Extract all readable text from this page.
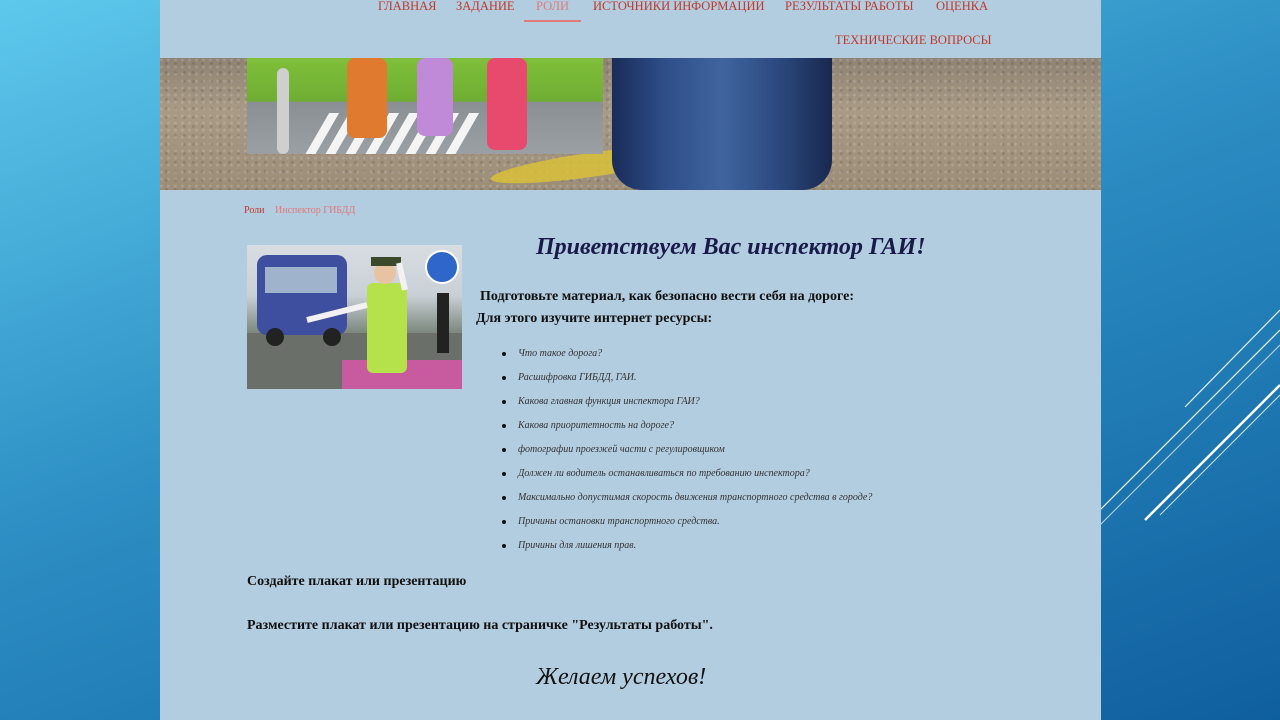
ГЛАВНАЯ ЗАДАНИЕ	РОЛИ	ИСТОЧНИКИ ИНФОРМАЦИИ РЕЗУЛЬТАТЫ РАБОТЫ ОЦЕНКА
ТЕХНИЧЕСКИЕ ВОПРОСЫ
Роли Инспектор ГИБДД
Приветствуем Вас инспектор ГАИ!
Подготовьте материал, как безопасно вести себя на дороге:
Для этого изучите интернет ресурсы:
Что такое дорога?
Расшифровка ГИБДД, ГАИ.
Какова главная функция инспектора ГАИ?
Какова приоритетность на дороге?
фотографии проезжей части с регулировщиком
Должен ли водитель останавливаться по требованию инспектора?
Максимально допустимая скорость движения транспортного средства в городе?
Причины остановки транспортного средства.
Причины для лишения прав.
Создайте плакат или презентацию
Разместите плакат или презентацию на страничке "Результаты работы".
Желаем успехов!
